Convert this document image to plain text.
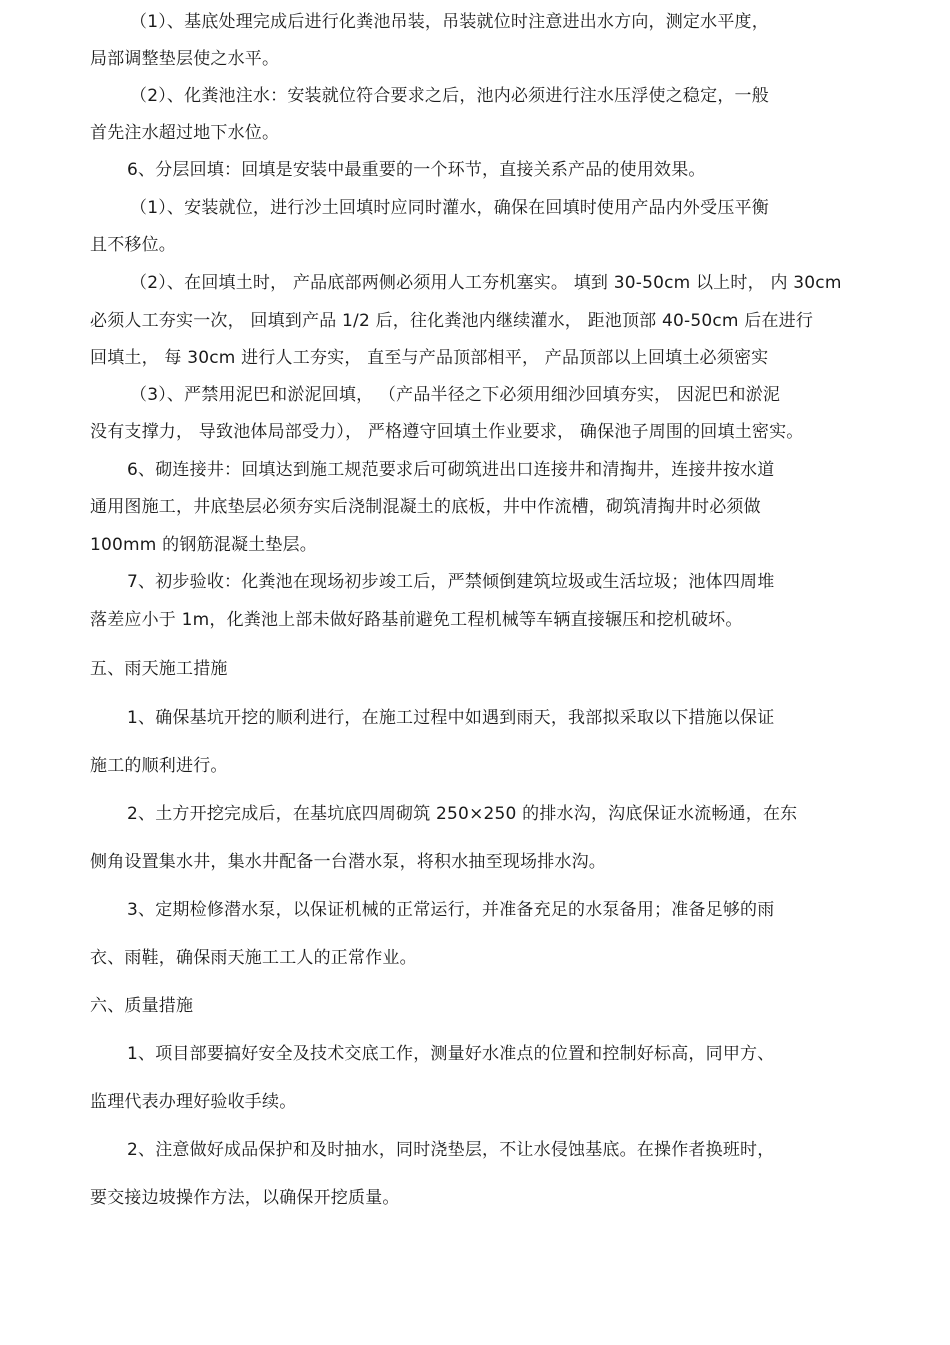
（1）、基底处理完成后进行化粪池吊装，吊装就位时注意进出水方向，测定水平度，
局部调整垫层使之水平。
（2）、化粪池注水：安装就位符合要求之后，池内必须进行注水压浮使之稳定，一般
首先注水超过地下水位。
6、分层回填：回填是安装中最重要的一个环节，直接关系产品的使用效果。
（1）、安装就位，进行沙土回填时应同时灌水，确保在回填时使用产品内外受压平衡
且不移位。
（2）、在回填土时， 产品底部两侧必须用人工夯机塞实。 填到 30-50cm 以上时， 内 30cm
必须人工夯实一次， 回填到产品 1/2 后，往化粪池内继续灌水， 距池顶部 40-50cm 后在进行
回填土， 每 30cm 进行人工夯实， 直至与产品顶部相平， 产品顶部以上回填土必须密实
（3）、严禁用泥巴和淤泥回填， （产品半径之下必须用细沙回填夯实， 因泥巴和淤泥
没有支撑力， 导致池体局部受力）， 严格遵守回填土作业要求， 确保池子周围的回填土密实。
6、砌连接井：回填达到施工规范要求后可砌筑进出口连接井和清掏井，连接井按水道
通用图施工，井底垫层必须夯实后浇制混凝土的底板，井中作流槽，砌筑清掏井时必须做
100mm 的钢筋混凝土垫层。
7、初步验收：化粪池在现场初步竣工后，严禁倾倒建筑垃圾或生活垃圾；池体四周堆
落差应小于 1m，化粪池上部未做好路基前避免工程机械等车辆直接辗压和挖机破坏。
五、雨天施工措施
1、确保基坑开挖的顺利进行，在施工过程中如遇到雨天，我部拟采取以下措施以保证
施工的顺利进行。
2、土方开挖完成后，在基坑底四周砌筑 250×250 的排水沟，沟底保证水流畅通，在东
侧角设置集水井，集水井配备一台潜水泵，将积水抽至现场排水沟。
3、定期检修潜水泵，以保证机械的正常运行，并准备充足的水泵备用；准备足够的雨
衣、雨鞋，确保雨天施工工人的正常作业。
六、质量措施
1、项目部要搞好安全及技术交底工作，测量好水准点的位置和控制好标高，同甲方、
监理代表办理好验收手续。
2、注意做好成品保护和及时抽水，同时浇垫层，不让水侵蚀基底。在操作者换班时，
要交接边坡操作方法，以确保开挖质量。
